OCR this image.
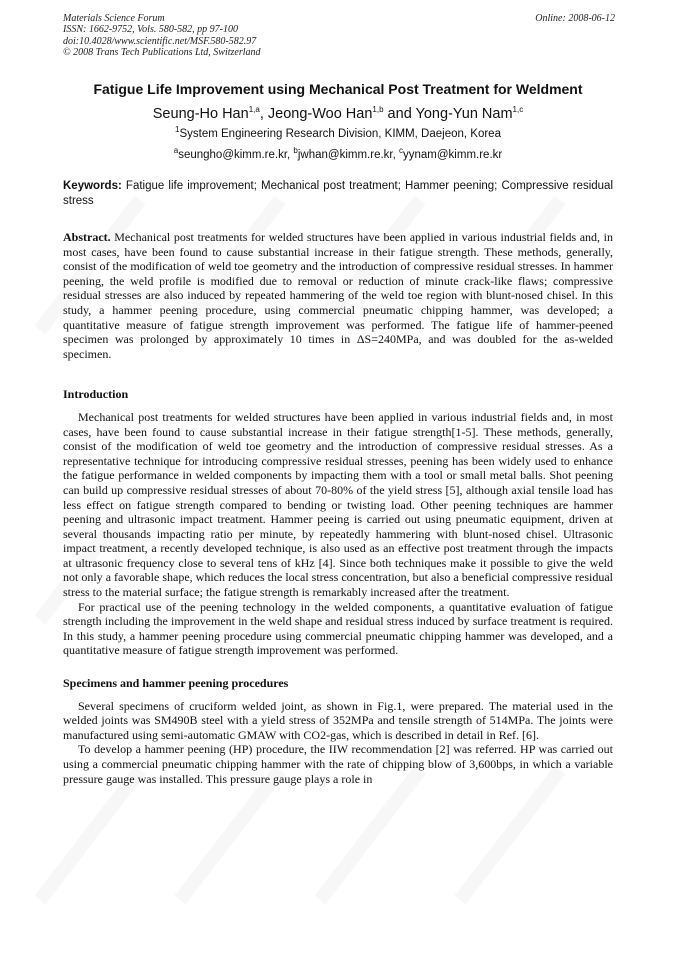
Materials Science Forum
ISSN: 1662-9752, Vols. 580-582, pp 97-100
doi:10.4028/www.scientific.net/MSF.580-582.97
© 2008 Trans Tech Publications Ltd, Switzerland
Online: 2008-06-12
Fatigue Life Improvement using Mechanical Post Treatment for Weldment
Seung-Ho Han$^{1,a}$, Jeong-Woo Han$^{1,b}$ and Yong-Yun Nam$^{1,c}$
$^1$System Engineering Research Division, KIMM, Daejeon, Korea
$^a$seungho@kimm.re.kr, $^b$jwhan@kimm.re.kr, $^c$yynam@kimm.re.kr
Keywords: Fatigue life improvement; Mechanical post treatment; Hammer peening; Compressive residual stress

Abstract. Mechanical post treatments for welded structures have been applied in various industrial fields and, in most cases, have been found to cause substantial increase in their fatigue strength. These methods, generally, consist of the modification of weld toe geometry and the introduction of compressive residual stresses. In hammer peening, the weld profile is modified due to removal or reduction of minute crack-like flaws; compressive residual stresses are also induced by repeated hammering of the weld toe region with blunt-nosed chisel. In this study, a hammer peening procedure, using commercial pneumatic chipping hammer, was developed; a quantitative measure of fatigue strength improvement was performed. The fatigue life of hammer-peened specimen was prolonged by approximately 10 times in ΔS=240MPa, and was doubled for the as-welded specimen.

Introduction

Mechanical post treatments for welded structures have been applied in various industrial fields and, in most cases, have been found to cause substantial increase in their fatigue strength[1-5]. These methods, generally, consist of the modification of weld toe geometry and the introduction of compressive residual stresses. As a representative technique for introducing compressive residual stresses, peening has been widely used to enhance the fatigue performance in welded components by impacting them with a tool or small metal balls. Shot peening can build up compressive residual stresses of about 70-80% of the yield stress [5], although axial tensile load has less effect on fatigue strength compared to bending or twisting load. Other peening techniques are hammer peening and ultrasonic impact treatment. Hammer peeing is carried out using pneumatic equipment, driven at several thousands impacting ratio per minute, by repeatedly hammering with blunt-nosed chisel. Ultrasonic impact treatment, a recently developed technique, is also used as an effective post treatment through the impacts at ultrasonic frequency close to several tens of kHz [4]. Since both techniques make it possible to give the weld not only a favorable shape, which reduces the local stress concentration, but also a beneficial compressive residual stress to the material surface; the fatigue strength is remarkably increased after the treatment.

For practical use of the peening technology in the welded components, a quantitative evaluation of fatigue strength including the improvement in the weld shape and residual stress induced by surface treatment is required. In this study, a hammer peening procedure using commercial pneumatic chipping hammer was developed, and a quantitative measure of fatigue strength improvement was performed.

Specimens and hammer peening procedures

Several specimens of cruciform welded joint, as shown in Fig.1, were prepared. The material used in the welded joints was SM490B steel with a yield stress of 352MPa and tensile strength of 514MPa. The joints were manufactured using semi-automatic GMAW with CO2-gas, which is described in detail in Ref. [6].

To develop a hammer peening (HP) procedure, the IIW recommendation [2] was referred. HP was carried out using a commercial pneumatic chipping hammer with the rate of chipping blow of 3,600bps, in which a variable pressure gauge was installed. This pressure gauge plays a role in
